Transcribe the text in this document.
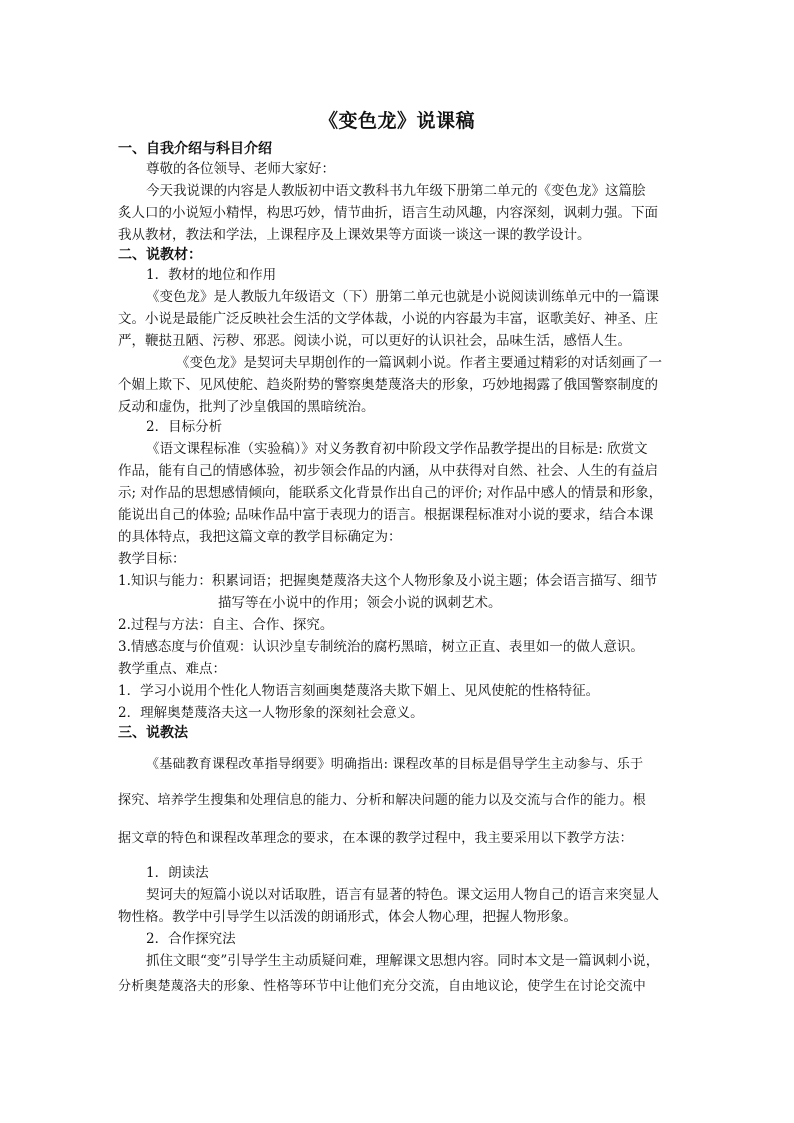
《变色龙》说课稿
一、自我介绍与科目介绍
尊敬的各位领导、老师大家好：
今天我说课的内容是人教版初中语文教科书九年级下册第二单元的《变色龙》这篇脍
炙人口的小说短小精悍，构思巧妙，情节曲折，语言生动风趣，内容深刻，讽刺力强。下面
我从教材，教法和学法，上课程序及上课效果等方面谈一谈这一课的教学设计。
二、说教材：
1．教材的地位和作用
《变色龙》是人教版九年级语文（下）册第二单元也就是小说阅读训练单元中的一篇课
文。小说是最能广泛反映社会生活的文学体裁，小说的内容最为丰富，讴歌美好、神圣、庄
严，鞭挞丑陋、污秽、邪恶。阅读小说，可以更好的认识社会，品味生活，感悟人生。
《变色龙》是契诃夫早期创作的一篇讽刺小说。作者主要通过精彩的对话刻画了一
个媚上欺下、见风使舵、趋炎附势的警察奥楚蔑洛夫的形象，巧妙地揭露了俄国警察制度的
反动和虚伪，批判了沙皇俄国的黑暗统治。
2．目标分析
《语文课程标准（实验稿）》对义务教育初中阶段文学作品教学提出的目标是: 欣赏文
作品，能有自己的情感体验，初步领会作品的内涵，从中获得对自然、社会、人生的有益启
示; 对作品的思想感情倾向，能联系文化背景作出自己的评价; 对作品中感人的情景和形象，
能说出自己的体验; 品味作品中富于表现力的语言。根据课程标准对小说的要求，结合本课
的具体特点，我把这篇文章的教学目标确定为：
教学目标：
1.知识与能力：积累词语；把握奥楚蔑洛夫这个人物形象及小说主题；体会语言描写、细节
描写等在小说中的作用；领会小说的讽刺艺术。
2.过程与方法：自主、合作、探究。
3.情感态度与价值观：认识沙皇专制统治的腐朽黑暗，树立正直、表里如一的做人意识。
教学重点、难点：
1．学习小说用个性化人物语言刻画奥楚蔑洛夫欺下媚上、见风使舵的性格特征。
2．理解奥楚蔑洛夫这一人物形象的深刻社会意义。
三、说教法
《基础教育课程改革指导纲要》明确指出: 课程改革的目标是倡导学生主动参与、乐于
探究、培养学生搜集和处理信息的能力、分析和解决问题的能力以及交流与合作的能力。根
据文章的特色和课程改革理念的要求，在本课的教学过程中，我主要采用以下教学方法：
1．朗读法
契诃夫的短篇小说以对话取胜，语言有显著的特色。课文运用人物自己的语言来突显人
物性格。教学中引导学生以活泼的朗诵形式，体会人物心理，把握人物形象。
2．合作探究法
抓住文眼“变”引导学生主动质疑问难，理解课文思想内容。同时本文是一篇讽刺小说，
分析奥楚蔑洛夫的形象、性格等环节中让他们充分交流，自由地议论，使学生在讨论交流中
